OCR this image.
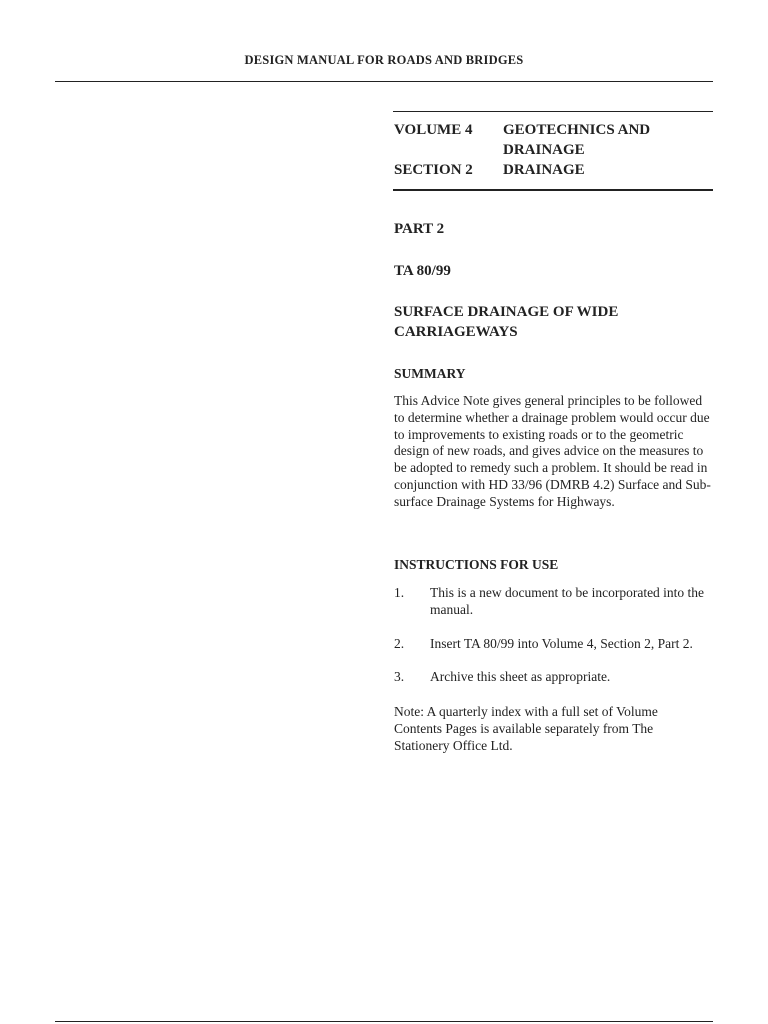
DESIGN MANUAL FOR ROADS AND BRIDGES
VOLUME 4	GEOTECHNICS AND DRAINAGE
SECTION 2	DRAINAGE
PART 2
TA 80/99
SURFACE DRAINAGE OF WIDE CARRIAGEWAYS
SUMMARY
This Advice Note gives general principles to be followed to determine whether a drainage problem would occur due to improvements to existing roads or to the geometric design of new roads, and gives advice on the measures to be adopted to remedy such a problem. It should be read in conjunction with HD 33/96 (DMRB 4.2) Surface and Sub-surface Drainage Systems for Highways.
INSTRUCTIONS FOR USE
1.	This is a new document to be incorporated into the manual.
2.	Insert TA 80/99 into Volume 4, Section 2, Part 2.
3.	Archive this sheet as appropriate.
Note: A quarterly index with a full set of Volume Contents Pages is available separately from The Stationery Office Ltd.
